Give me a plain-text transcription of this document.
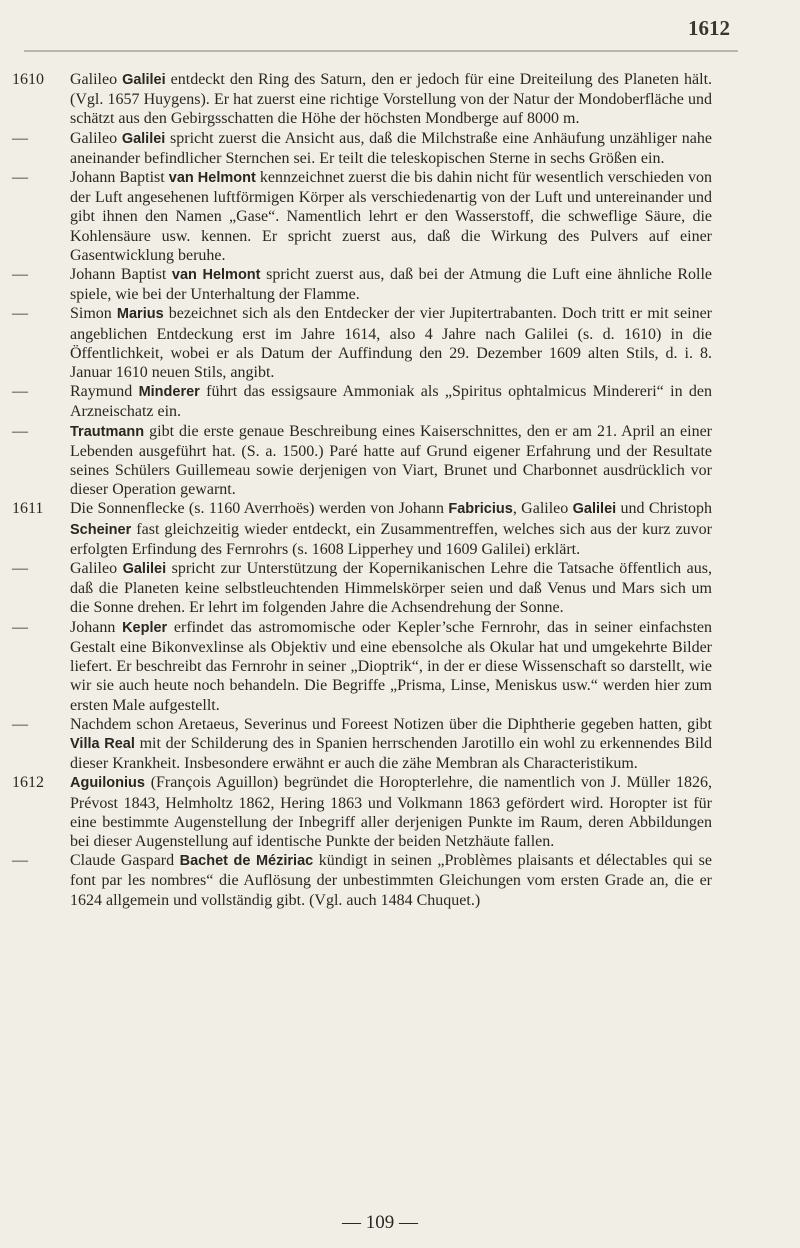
1612
1610	Galileo Galilei entdeckt den Ring des Saturn, den er jedoch für eine Dreiteilung des Planeten hält. (Vgl. 1657 Huygens). Er hat zuerst eine richtige Vorstellung von der Natur der Mondoberfläche und schätzt aus den Gebirgsschatten die Höhe der höchsten Mondberge auf 8000 m.
—	Galileo Galilei spricht zuerst die Ansicht aus, daß die Milchstraße eine Anhäufung unzähliger nahe aneinander befindlicher Sternchen sei. Er teilt die teleskopischen Sterne in sechs Größen ein.
—	Johann Baptist van Helmont kennzeichnet zuerst die bis dahin nicht für wesentlich verschieden von der Luft angesehenen luftförmigen Körper als verschiedenartig von der Luft und untereinander und gibt ihnen den Namen „Gase“. Namentlich lehrt er den Wasserstoff, die schweflige Säure, die Kohlensäure usw. kennen. Er spricht zuerst aus, daß die Wirkung des Pulvers auf einer Gasentwicklung beruhe.
—	Johann Baptist van Helmont spricht zuerst aus, daß bei der Atmung die Luft eine ähnliche Rolle spiele, wie bei der Unterhaltung der Flamme.
—	Simon Marius bezeichnet sich als den Entdecker der vier Jupitertrabanten. Doch tritt er mit seiner angeblichen Entdeckung erst im Jahre 1614, also 4 Jahre nach Galilei (s. d. 1610) in die Öffentlichkeit, wobei er als Datum der Auffindung den 29. Dezember 1609 alten Stils, d. i. 8. Januar 1610 neuen Stils, angibt.
—	Raymund Minderer führt das essigsaure Ammoniak als „Spiritus ophtalmicus Mindereri“ in den Arzneischatz ein.
—	Trautmann gibt die erste genaue Beschreibung eines Kaiserschnittes, den er am 21. April an einer Lebenden ausgeführt hat. (S. a. 1500.) Paré hatte auf Grund eigener Erfahrung und der Resultate seines Schülers Guillemeau sowie derjenigen von Viart, Brunet und Charbonnet ausdrücklich vor dieser Operation gewarnt.
1611	Die Sonnenflecke (s. 1160 Averrhoës) werden von Johann Fabricius, Galileo Galilei und Christoph Scheiner fast gleichzeitig wieder entdeckt, ein Zusammentreffen, welches sich aus der kurz zuvor erfolgten Erfindung des Fernrohrs (s. 1608 Lipperhey und 1609 Galilei) erklärt.
—	Galileo Galilei spricht zur Unterstützung der Kopernikanischen Lehre die Tatsache öffentlich aus, daß die Planeten keine selbstleuchtenden Himmelskörper seien und daß Venus und Mars sich um die Sonne drehen. Er lehrt im folgenden Jahre die Achsendrehung der Sonne.
—	Johann Kepler erfindet das astromomische oder Kepler’sche Fernrohr, das in seiner einfachsten Gestalt eine Bikonvexlinse als Objektiv und eine ebensolche als Okular hat und umgekehrte Bilder liefert. Er beschreibt das Fernrohr in seiner „Dioptrik“, in der er diese Wissenschaft so darstellt, wie wir sie auch heute noch behandeln. Die Begriffe „Prisma, Linse, Meniskus usw.“ werden hier zum ersten Male aufgestellt.
—	Nachdem schon Aretaeus, Severinus und Foreest Notizen über die Diphtherie gegeben hatten, gibt Villa Real mit der Schilderung des in Spanien herrschenden Jarotillo ein wohl zu erkennendes Bild dieser Krankheit. Insbesondere erwähnt er auch die zähe Membran als Characteristikum.
1612	Aguilonius (François Aguillon) begründet die Horopterlehre, die namentlich von J. Müller 1826, Prévost 1843, Helmholtz 1862, Hering 1863 und Volkmann 1863 gefördert wird. Horopter ist für eine bestimmte Augenstellung der Inbegriff aller derjenigen Punkte im Raum, deren Abbildungen bei dieser Augenstellung auf identische Punkte der beiden Netzhäute fallen.
—	Claude Gaspard Bachet de Méziriac kündigt in seinen „Problèmes plaisants et délectables qui se font par les nombres“ die Auflösung der unbestimmten Gleichungen vom ersten Grade an, die er 1624 allgemein und vollständig gibt. (Vgl. auch 1484 Chuquet.)
— 109 —
